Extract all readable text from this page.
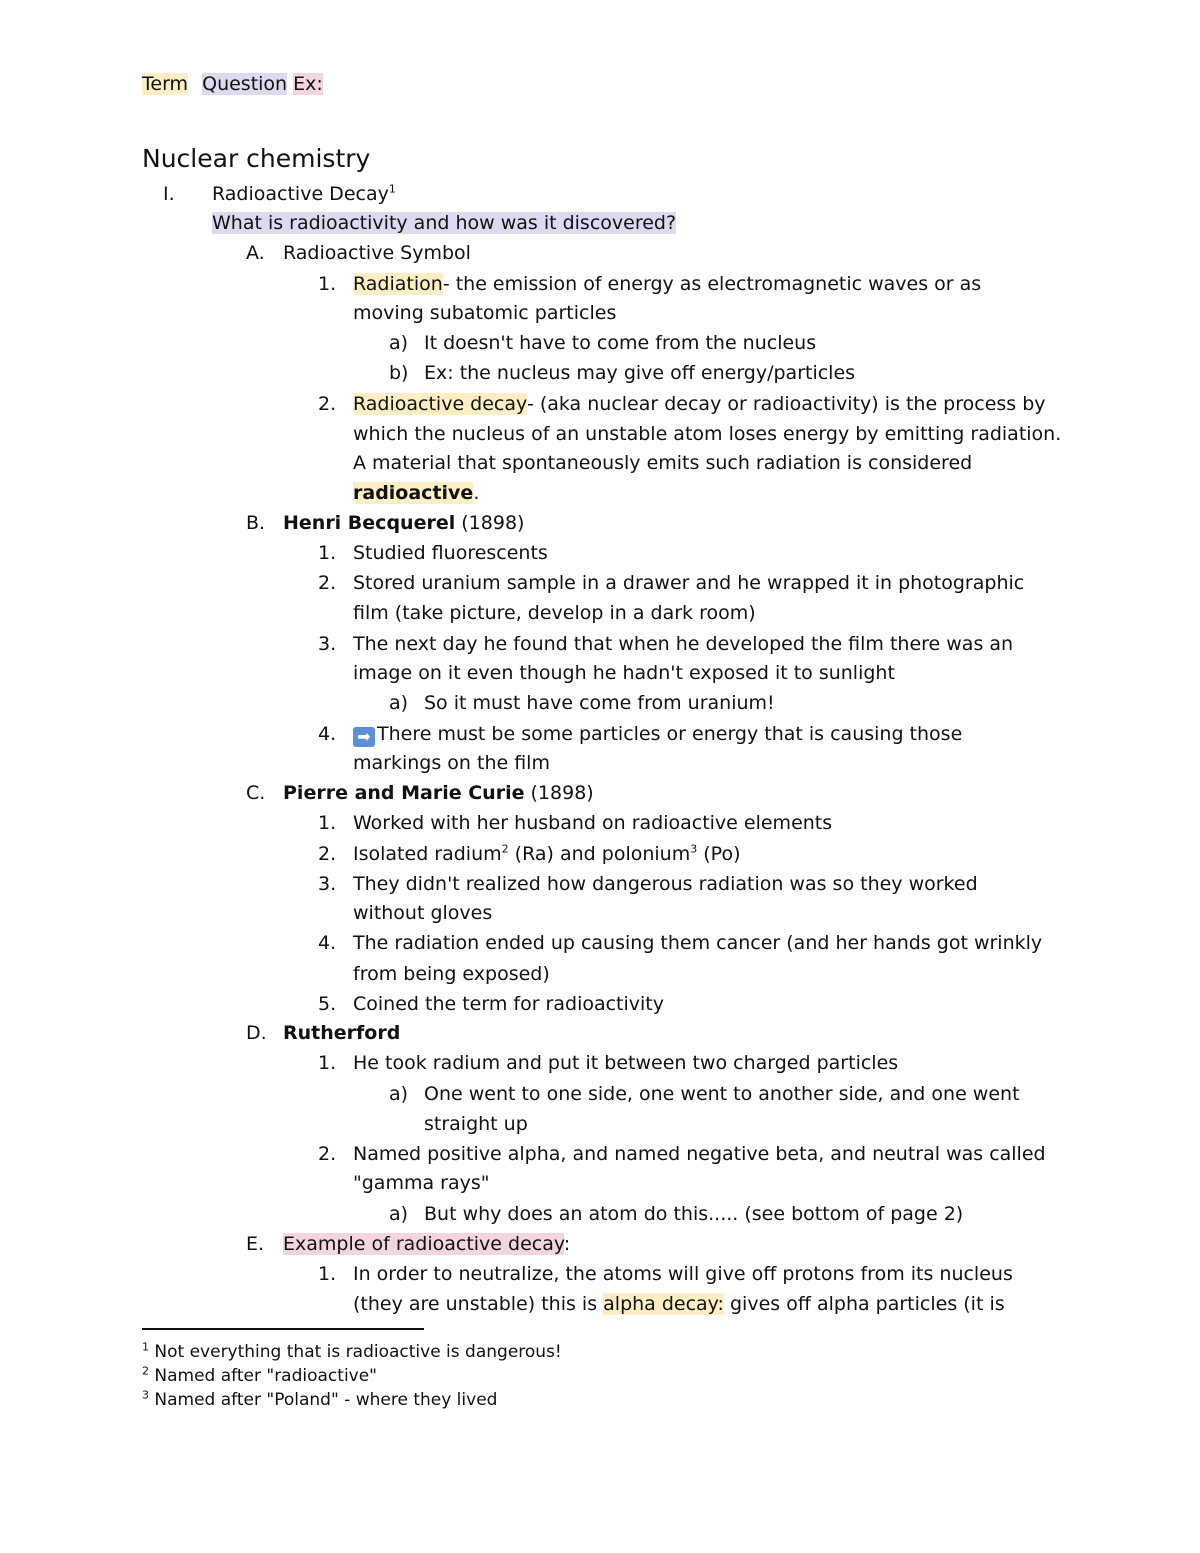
Term Question Ex:
Nuclear chemistry
I. Radioactive Decay$^1$
What is radioactivity and how was it discovered?
A. Radioactive Symbol
1. Radiation- the emission of energy as electromagnetic waves or as
moving subatomic particles
a) It doesn't have to come from the nucleus
b) Ex: the nucleus may give off energy/particles
2. Radioactive decay- (aka nuclear decay or radioactivity) is the process by
which the nucleus of an unstable atom loses energy by emitting radiation.
A material that spontaneously emits such radiation is considered
radioactive.
B. Henri Becquerel (1898)
1. Studied fluorescents
2. Stored uranium sample in a drawer and he wrapped it in photographic
film (take picture, develop in a dark room)
3. The next day he found that when he developed the film there was an
image on it even though he hadn't exposed it to sunlight
a) So it must have come from uranium!
4. ➡ There must be some particles or energy that is causing those
markings on the film
C. Pierre and Marie Curie (1898)
1. Worked with her husband on radioactive elements
2. Isolated radium$^2$ (Ra) and polonium$^3$ (Po)
3. They didn't realized how dangerous radiation was so they worked
without gloves
4. The radiation ended up causing them cancer (and her hands got wrinkly
from being exposed)
5. Coined the term for radioactivity
D. Rutherford
1. He took radium and put it between two charged particles
a) One went to one side, one went to another side, and one went
straight up
2. Named positive alpha, and named negative beta, and neutral was called
"gamma rays"
a) But why does an atom do this..... (see bottom of page 2)
E. Example of radioactive decay:
1. In order to neutralize, the atoms will give off protons from its nucleus
(they are unstable) this is alpha decay: gives off alpha particles (it is
$^1$ Not everything that is radioactive is dangerous!
$^2$ Named after "radioactive"
$^3$ Named after "Poland" - where they lived
